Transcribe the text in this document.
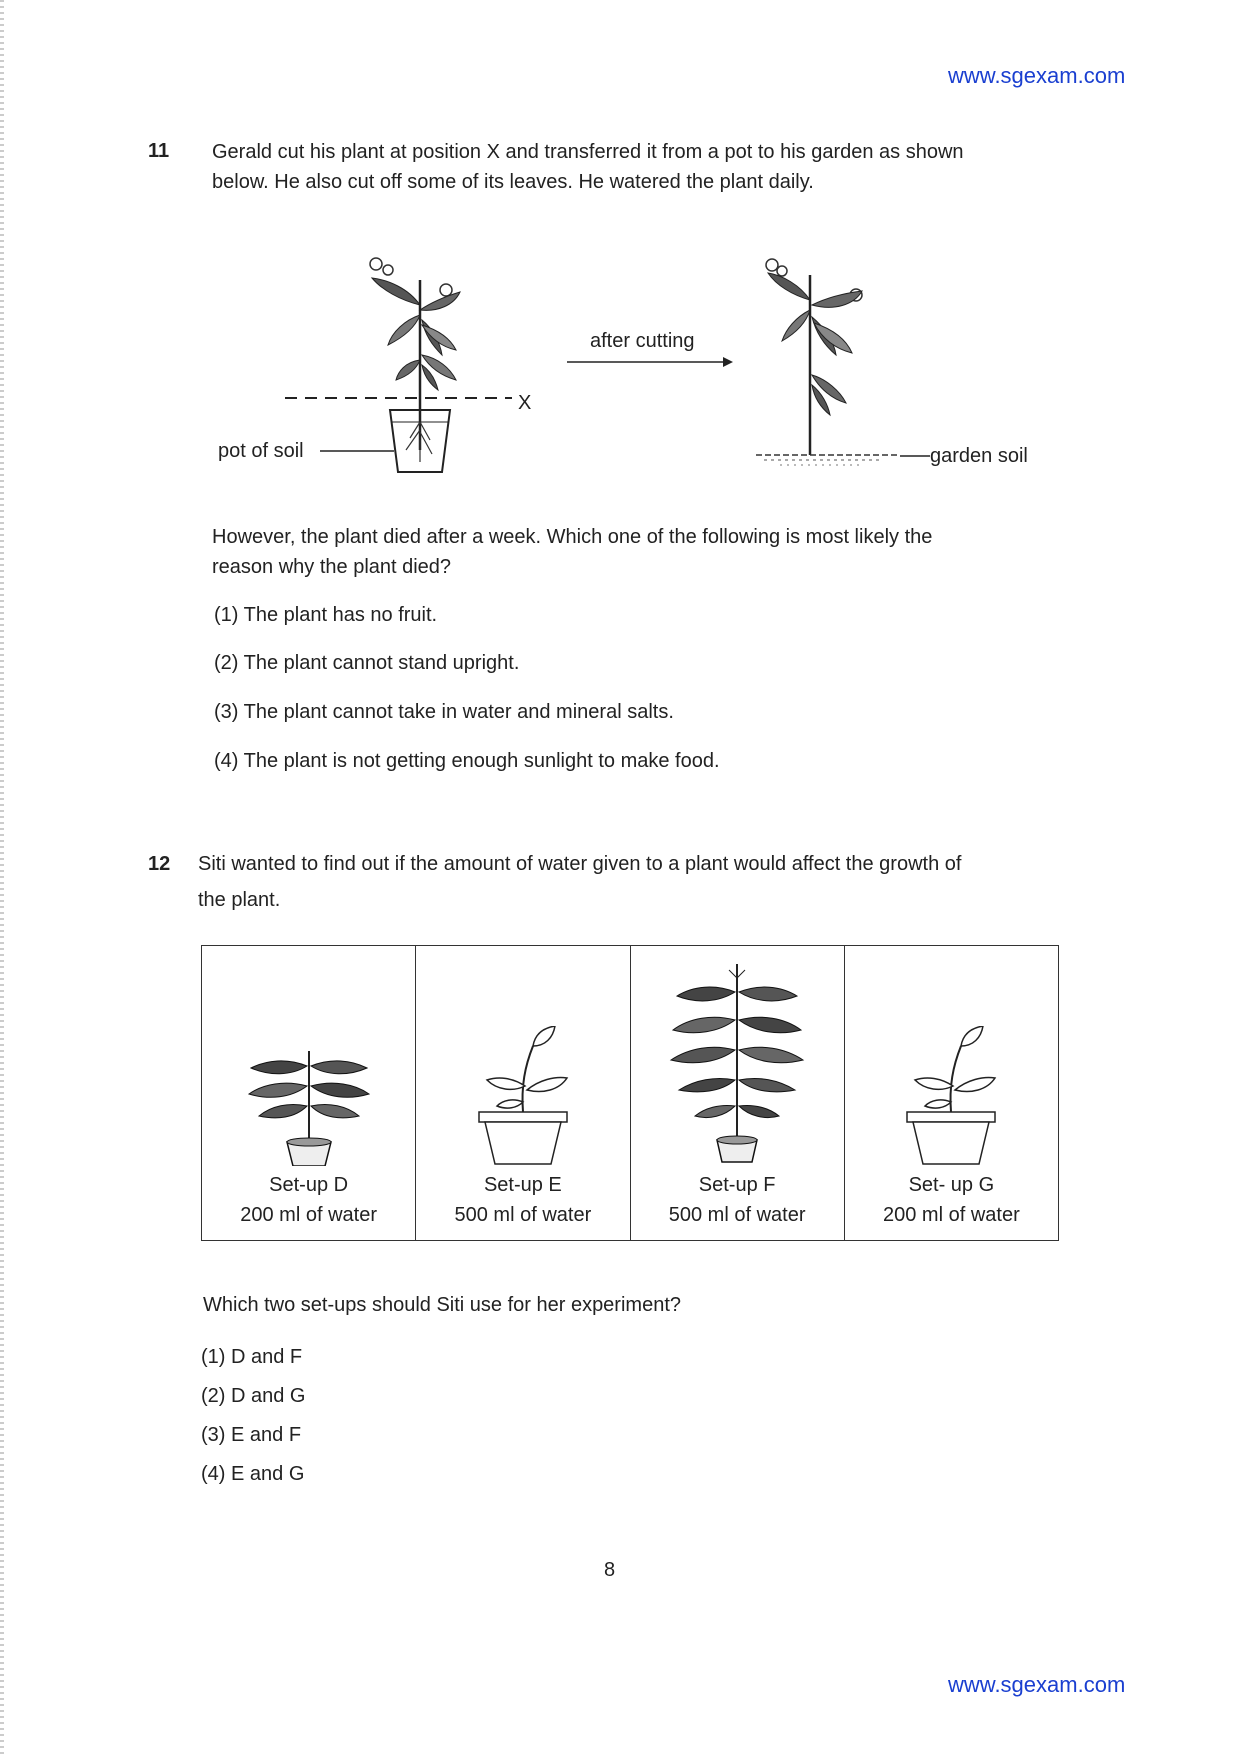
www.sgexam.com
11 Gerald cut his plant at position X and transferred it from a pot to his garden as shown
below. He also cut off some of its leaves. He watered the plant daily.
X
pot of soil
after cutting
garden soil
However, the plant died after a week. Which one of the following is most likely the
reason why the plant died?
(1) The plant has no fruit.
(2) The plant cannot stand upright.
(3) The plant cannot take in water and mineral salts.
(4) The plant is not getting enough sunlight to make food.
12 Siti wanted to find out if the amount of water given to a plant would affect the growth of
the plant.
Set-up D
200 ml of water

Set-up E
500 ml of water

Set-up F
500 ml of water

Set- up G
200 ml of water
Which two set-ups should Siti use for her experiment?
(1) D and F
(2) D and G
(3) E and F
(4) E and G
8
www.sgexam.com
